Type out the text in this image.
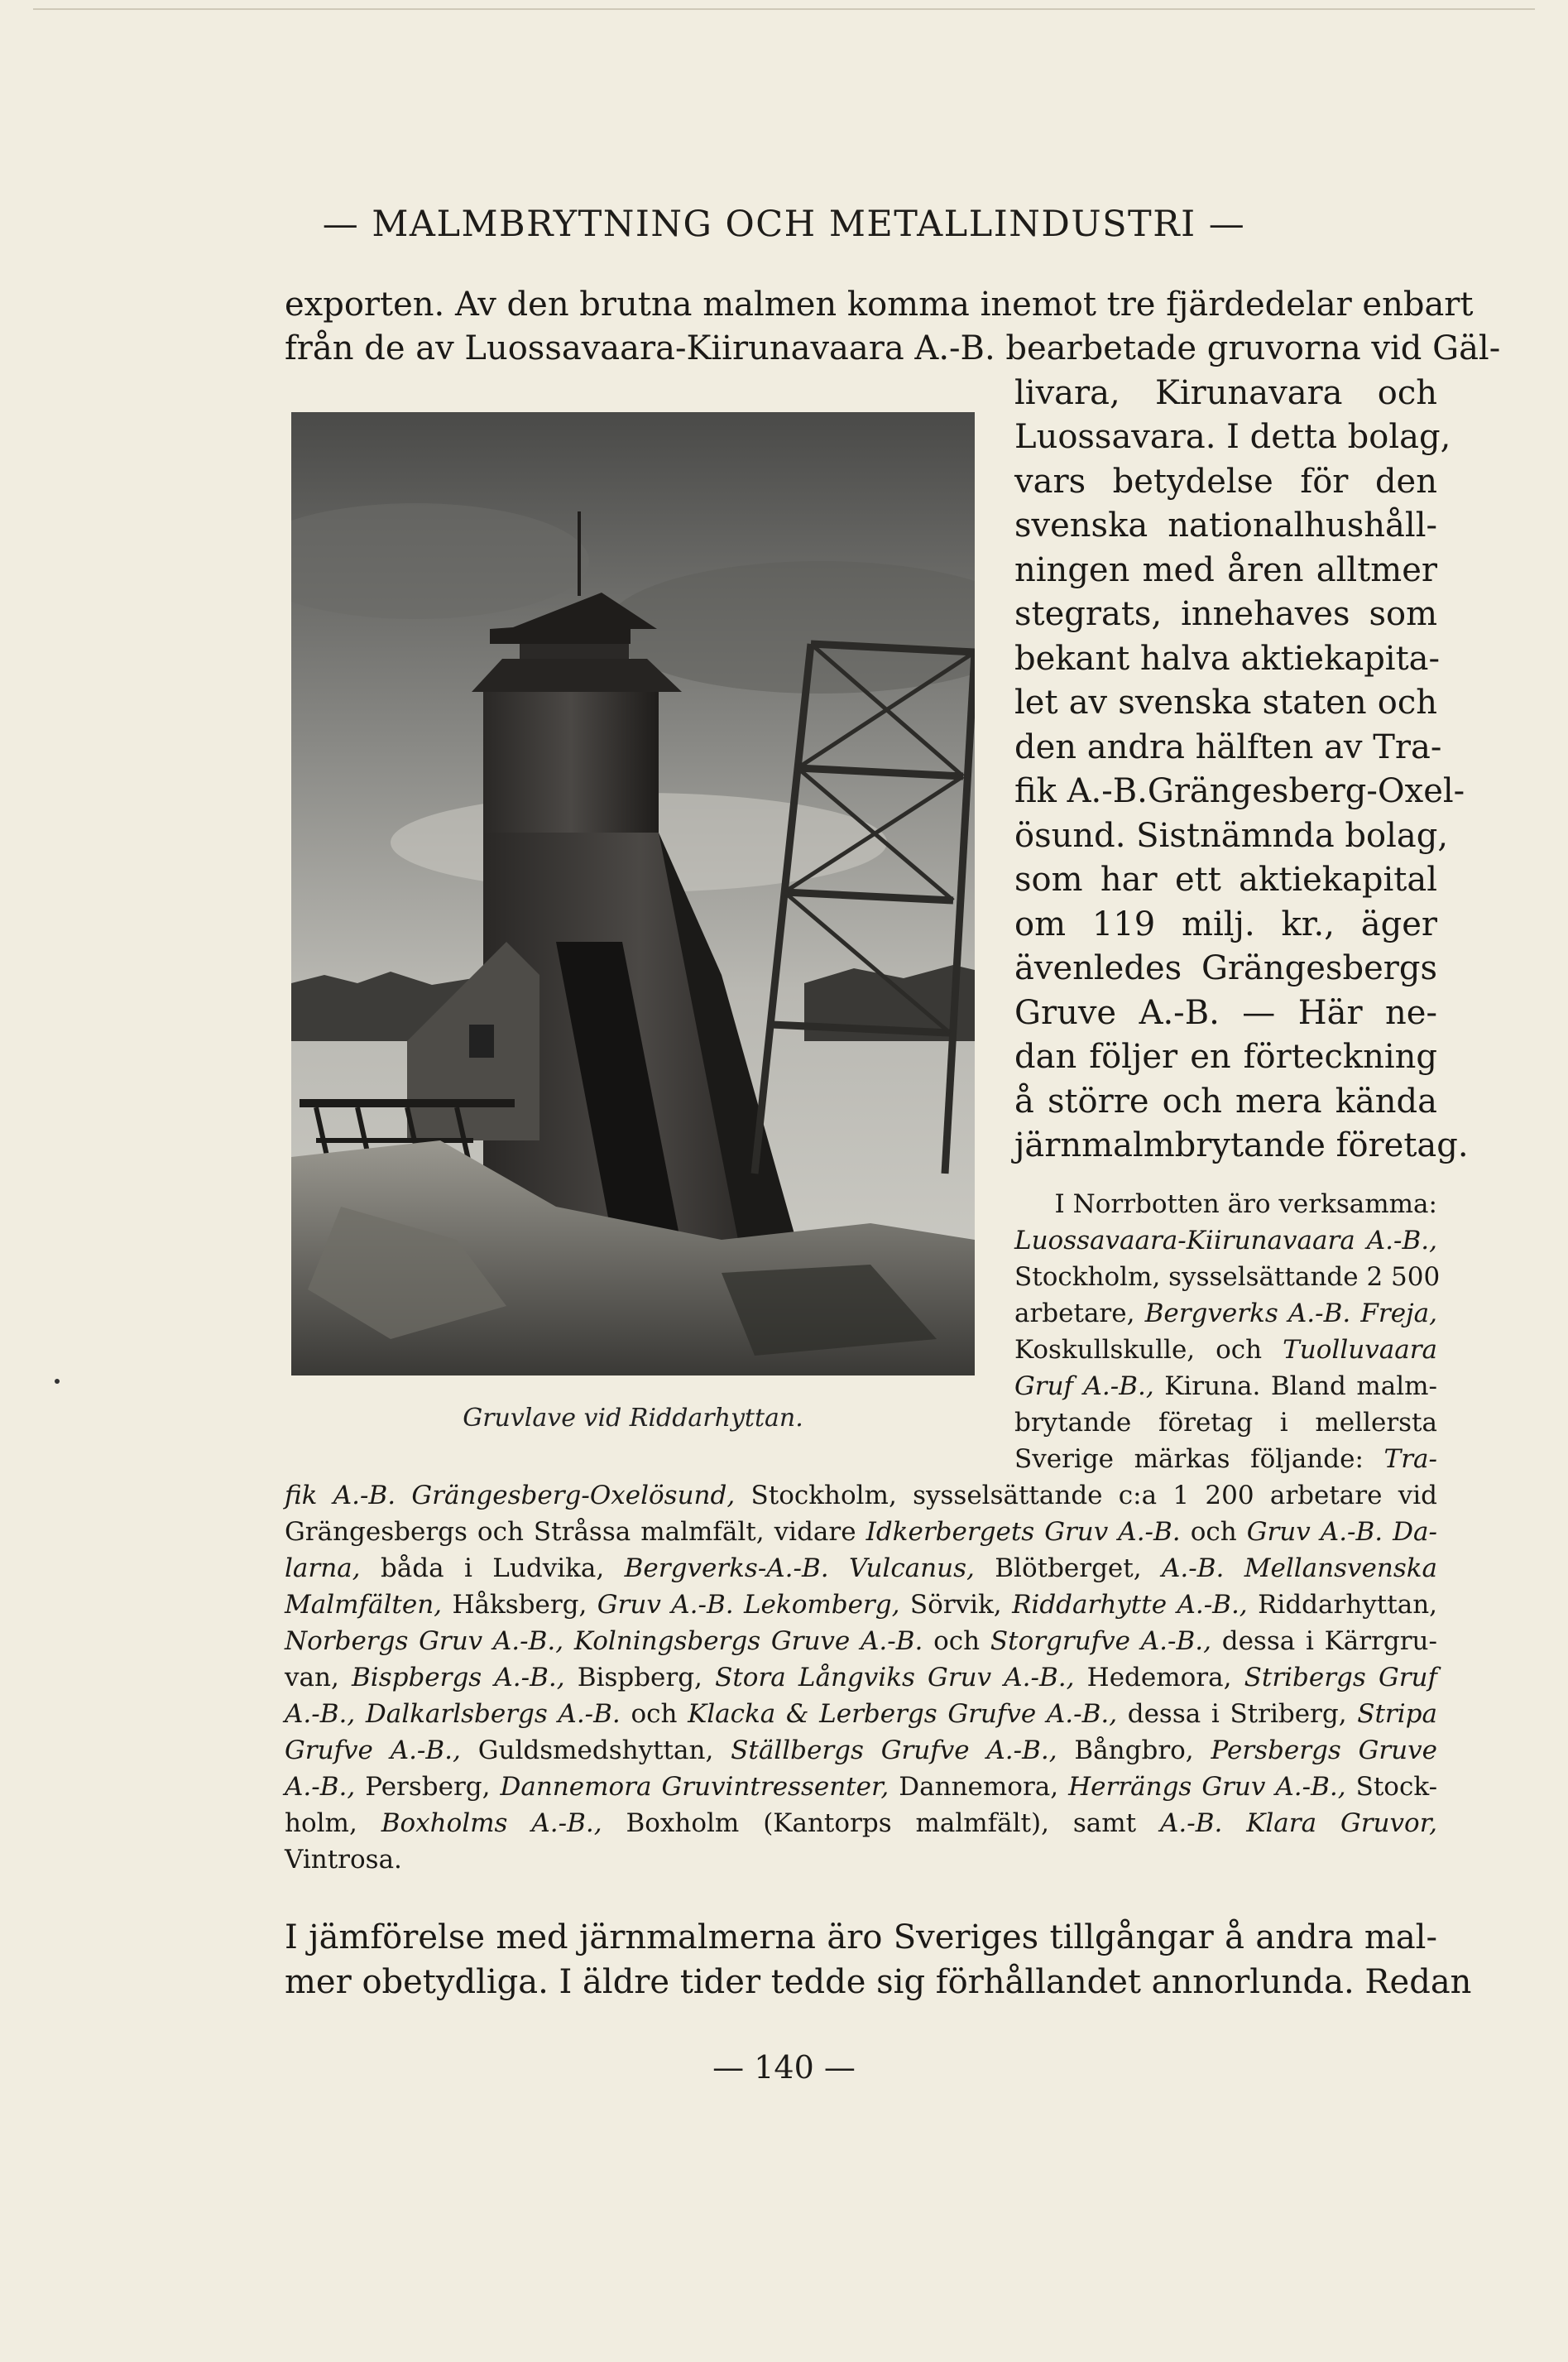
— MALMBRYTNING OCH METALLINDUSTRI —
exporten. Av den brutna malmen komma inemot tre fjärdedelar enbart
från de av Luossavaara-Kiirunavaara A.-B. bearbetade gruvorna vid Gäl-
Gruvlave vid Riddarhyttan.
livara, Kirunavara och
Luossavara. I detta bolag,
vars betydelse för den
svenska nationalhushåll-
ningen med åren alltmer
stegrats, innehaves som
bekant halva aktiekapita-
let av svenska staten och
den andra hälften av Tra-
fik A.-B.Grängesberg-Oxel-
ösund. Sistnämnda bolag,
som har ett aktiekapital
om 119 milj. kr., äger
ävenledes Grängesbergs
Gruve A.-B. — Här ne-
dan följer en förteckning
å större och mera kända
järnmalmbrytande företag.
I Norrbotten äro verksamma:
Luossavaara-Kiirunavaara A.-B.,
Stockholm, sysselsättande 2 500
arbetare, Bergverks A.-B. Freja,
Koskullskulle, och Tuolluvaara
Gruf A.-B., Kiruna. Bland malm-
brytande företag i mellersta
Sverige märkas följande: Tra-
fik A.-B. Grängesberg-Oxelösund, Stockholm, sysselsättande c:a 1 200 arbetare vid
Grängesbergs och Stråssa malmfält, vidare Idkerbergets Gruv A.-B. och Gruv A.-B. Da-
larna, båda i Ludvika, Bergverks-A.-B. Vulcanus, Blötberget, A.-B. Mellansvenska
Malmfälten, Håksberg, Gruv A.-B. Lekomberg, Sörvik, Riddarhytte A.-B., Riddarhyttan,
Norbergs Gruv A.-B., Kolningsbergs Gruve A.-B. och Storgrufve A.-B., dessa i Kärrgru-
van, Bispbergs A.-B., Bispberg, Stora Långviks Gruv A.-B., Hedemora, Stribergs Gruf
A.-B., Dalkarlsbergs A.-B. och Klacka & Lerbergs Grufve A.-B., dessa i Striberg, Stripa
Grufve A.-B., Guldsmedshyttan, Ställbergs Grufve A.-B., Bångbro, Persbergs Gruve
A.-B., Persberg, Dannemora Gruvintressenter, Dannemora, Herrängs Gruv A.-B., Stock-
holm, Boxholms A.-B., Boxholm (Kantorps malmfält), samt A.-B. Klara Gruvor,
Vintrosa.
I jämförelse med järnmalmerna äro Sveriges tillgångar å andra mal-
mer obetydliga. I äldre tider tedde sig förhållandet annorlunda. Redan
— 140 —
